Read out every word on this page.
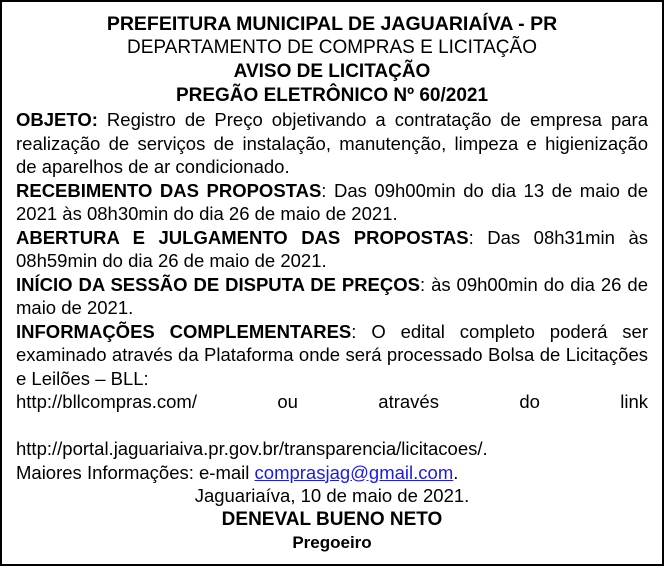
PREFEITURA MUNICIPAL DE JAGUARIAÍVA - PR
DEPARTAMENTO DE COMPRAS E LICITAÇÃO
AVISO DE LICITAÇÃO
PREGÃO ELETRÔNICO Nº 60/2021

OBJETO: Registro de Preço objetivando a contratação de empresa para realização de serviços de instalação, manutenção, limpeza e higienização de aparelhos de ar condicionado.

RECEBIMENTO DAS PROPOSTAS: Das 09h00min do dia 13 de maio de 2021 às 08h30min do dia 26 de maio de 2021.

ABERTURA E JULGAMENTO DAS PROPOSTAS: Das 08h31min às 08h59min do dia 26 de maio de 2021.

INÍCIO DA SESSÃO DE DISPUTA DE PREÇOS: às 09h00min do dia 26 de maio de 2021.

INFORMAÇÕES COMPLEMENTARES: O edital completo poderá ser examinado através da Plataforma onde será processado Bolsa de Licitações e Leilões – BLL:

http://bllcompras.com/	ou	através	do	link

http://portal.jaguariaiva.pr.gov.br/transparencia/licitacoes/.

Maiores Informações: e-mail comprasjag@gmail.com.

Jaguariaíva, 10 de maio de 2021.
DENEVAL BUENO NETO
Pregoeiro
